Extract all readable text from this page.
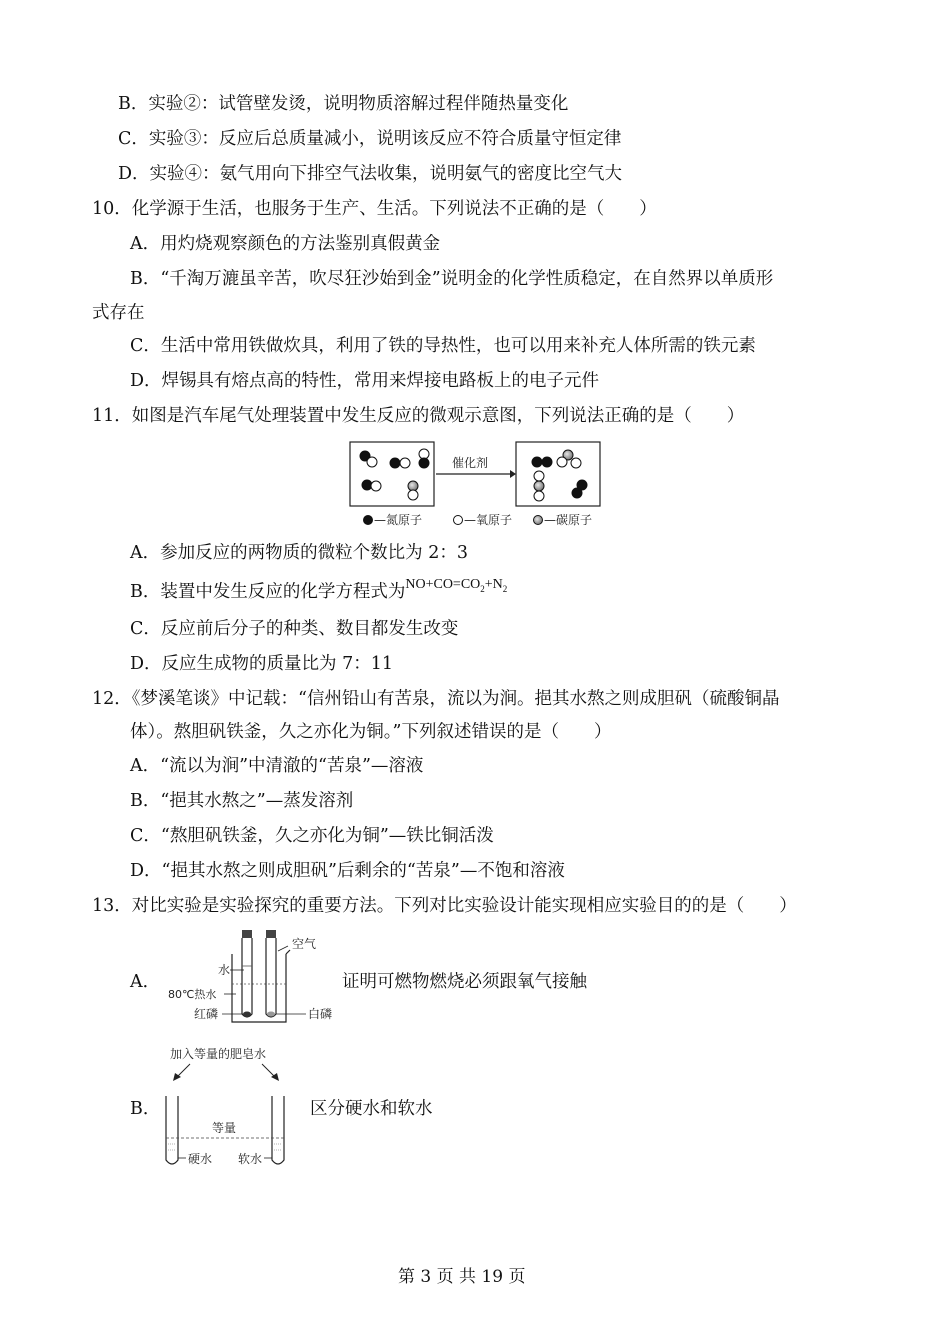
B．实验②：试管壁发烫，说明物质溶解过程伴随热量变化
C．实验③：反应后总质量减小，说明该反应不符合质量守恒定律
D．实验④：氨气用向下排空气法收集，说明氨气的密度比空气大
10．化学源于生活，也服务于生产、生活。下列说法不正确的是（　　）
A．用灼烧观察颜色的方法鉴别真假黄金
B．“千淘万漉虽辛苦，吹尽狂沙始到金”说明金的化学性质稳定，在自然界以单质形
式存在
C．生活中常用铁做炊具，利用了铁的导热性，也可以用来补充人体所需的铁元素
D．焊锡具有熔点高的特性，常用来焊接电路板上的电子元件
11．如图是汽车尾气处理装置中发生反应的微观示意图，下列说法正确的是（　　）
催化剂
—氮原子	—氧原子	—碳原子
A．参加反应的两物质的微粒个数比为 2：3
B．装置中发生反应的化学方程式为$^{NO+CO=CO_2+N_2}$
C．反应前后分子的种类、数目都发生改变
D．反应生成物的质量比为 7：11
12．《梦溪笔谈》中记载：“信州铅山有苦泉，流以为涧。挹其水熬之则成胆矾（硫酸铜晶
体）。熬胆矾铁釜，久之亦化为铜。”下列叙述错误的是（　　）
A．“流以为涧”中清澈的“苦泉”—溶液
B．“挹其水熬之”—蒸发溶剂
C．“熬胆矾铁釜，久之亦化为铜”—铁比铜活泼
D．“挹其水熬之则成胆矾”后剩余的“苦泉”—不饱和溶液
13．对比实验是实验探究的重要方法。下列对比实验设计能实现相应实验目的的是（　　）
A．
空气
水
80℃热水
红磷	白磷
证明可燃物燃烧必须跟氧气接触
B．
加入等量的肥皂水
等量
硬水 软水
区分硬水和软水
第 3 页 共 19 页
